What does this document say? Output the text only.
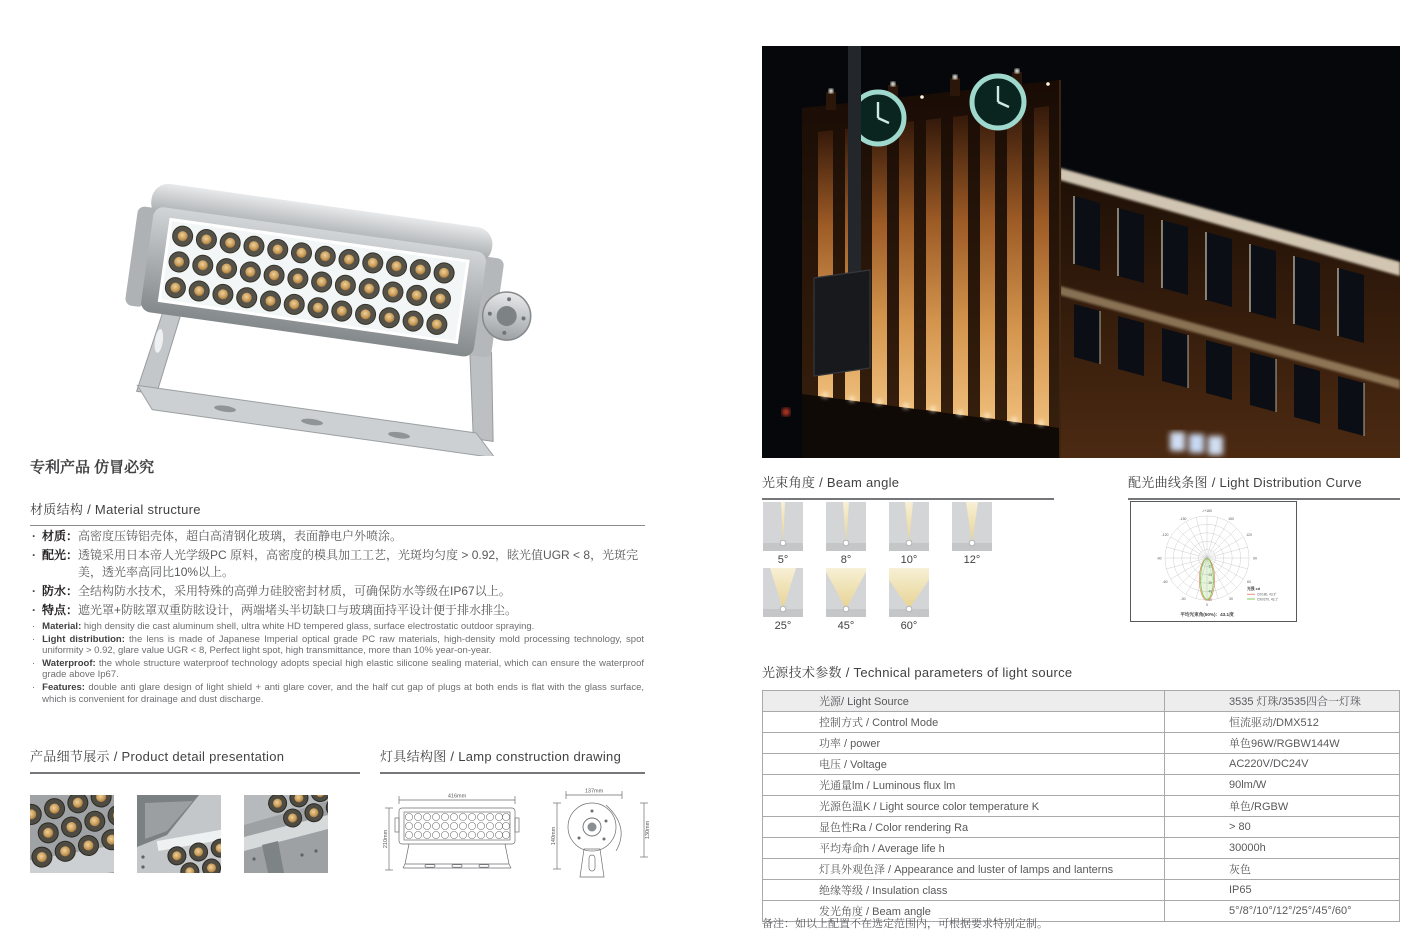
专利产品 仿冒必究
材质结构 / Material structure
·
材质： 高密度压铸铝壳体，超白高清钢化玻璃，表面静电户外喷涂。
·
配光： 透镜采用日本帝人光学级PC 原料，高密度的模具加工工艺，光斑均匀度 > 0.92，眩光值UGR < 8，光斑完美，透光率高同比10%以上。
·
防水： 全结构防水技术，采用特殊的高弹力硅胶密封材质，可确保防水等级在IP67以上。
·
特点： 遮光罩+防眩罩双重防眩设计，两端堵头半切缺口与玻璃面持平设计便于排水排尘。
·

Material: high density die cast aluminum shell, ultra white HD tempered glass, surface electrostatic outdoor spraying.

·

Light distribution: the lens is made of Japanese Imperial optical grade PC raw materials, high-density mold processing technology, spot uniformity > 0.92, glare value UGR < 8, Perfect light spot, high transmittance, more than 10% year-on-year.

·

Waterproof: the whole structure waterproof technology adopts special high elastic silicone sealing material, which can ensure the waterproof grade above Ip67.

·

Features: double anti glare design of light shield + anti glare cover, and the half cut gap of plugs at both ends is flat with the glass surface, which is convenient for drainage and dust discharge.

产品细节展示 / Product detail presentation	灯具结构图 / Lamp construction drawing
416mm
210mm
137mm
140mm	130mm
光束角度 / Beam angle
5°	8°	10°	12°
25°	45°	60°
配光曲线条图 / Light Distribution Curve
-/+180
-150	150
-120	120
-90	90
-60	60
-30	30
0
60
光强 cd
C0/180, 43.3°
C90/270, 43.1°
平均光束角(50%)：43.1度
光源技术参数 / Technical parameters of light source
光源/ Light Source	3535 灯珠/3535四合一灯珠
控制方式 / Control Mode	恒流驱动/DMX512
功率 / power	单色96W/RGBW144W
电压 / Voltage	AC220V/DC24V
光通量lm / Luminous flux lm	90lm/W
光源色温K / Light source color temperature K	单色/RGBW
显色性Ra / Color rendering Ra	> 80
平均寿命h / Average life h	30000h
灯具外观色泽 / Appearance and luster of lamps and lanterns	灰色
绝缘等级 / Insulation class	IP65
发光角度 / Beam angle	5°/8°/10°/12°/25°/45°/60°
备注：如以上配置不在选定范围内，可根据要求特别定制。
